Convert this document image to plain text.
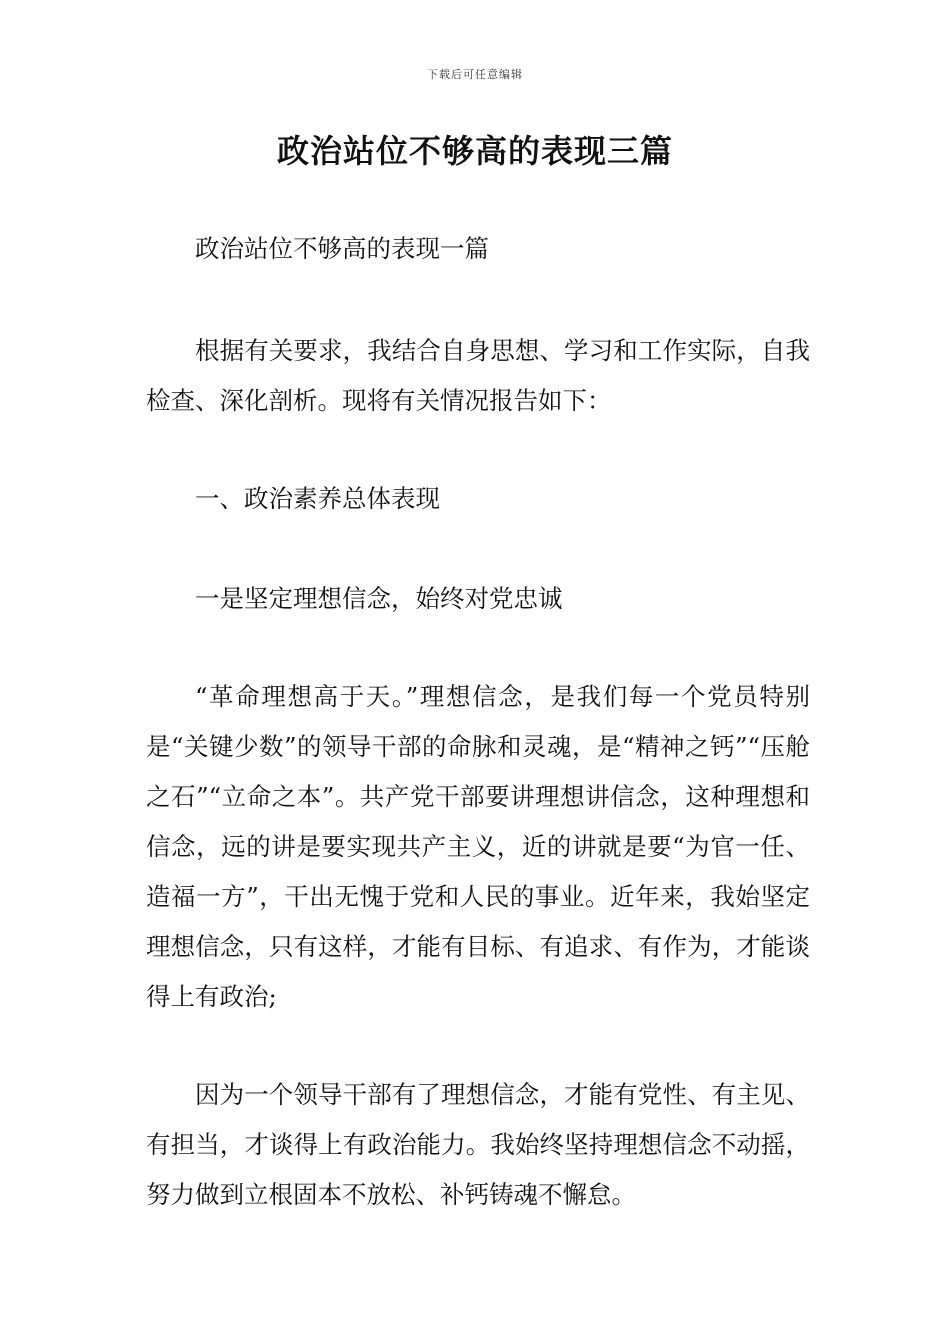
下载后可任意编辑
政治站位不够高的表现三篇

政治站位不够高的表现一篇

根据有关要求，我结合自身思想、学习和工作实际，自我检查、深化剖析。现将有关情况报告如下：

一、政治素养总体表现

一是坚定理想信念，始终对党忠诚

“革命理想高于天。”理想信念，是我们每一个党员特别是“关键少数”的领导干部的命脉和灵魂，是“精神之钙”“压舱之石”“立命之本”。共产党干部要讲理想讲信念，这种理想和信念，远的讲是要实现共产主义，近的讲就是要“为官一任、造福一方”，干出无愧于党和人民的事业。近年来，我始坚定理想信念，只有这样，才能有目标、有追求、有作为，才能谈得上有政治;

因为一个领导干部有了理想信念，才能有党性、有主见、有担当，才谈得上有政治能力。我始终坚持理想信念不动摇，努力做到立根固本不放松、补钙铸魂不懈怠。
